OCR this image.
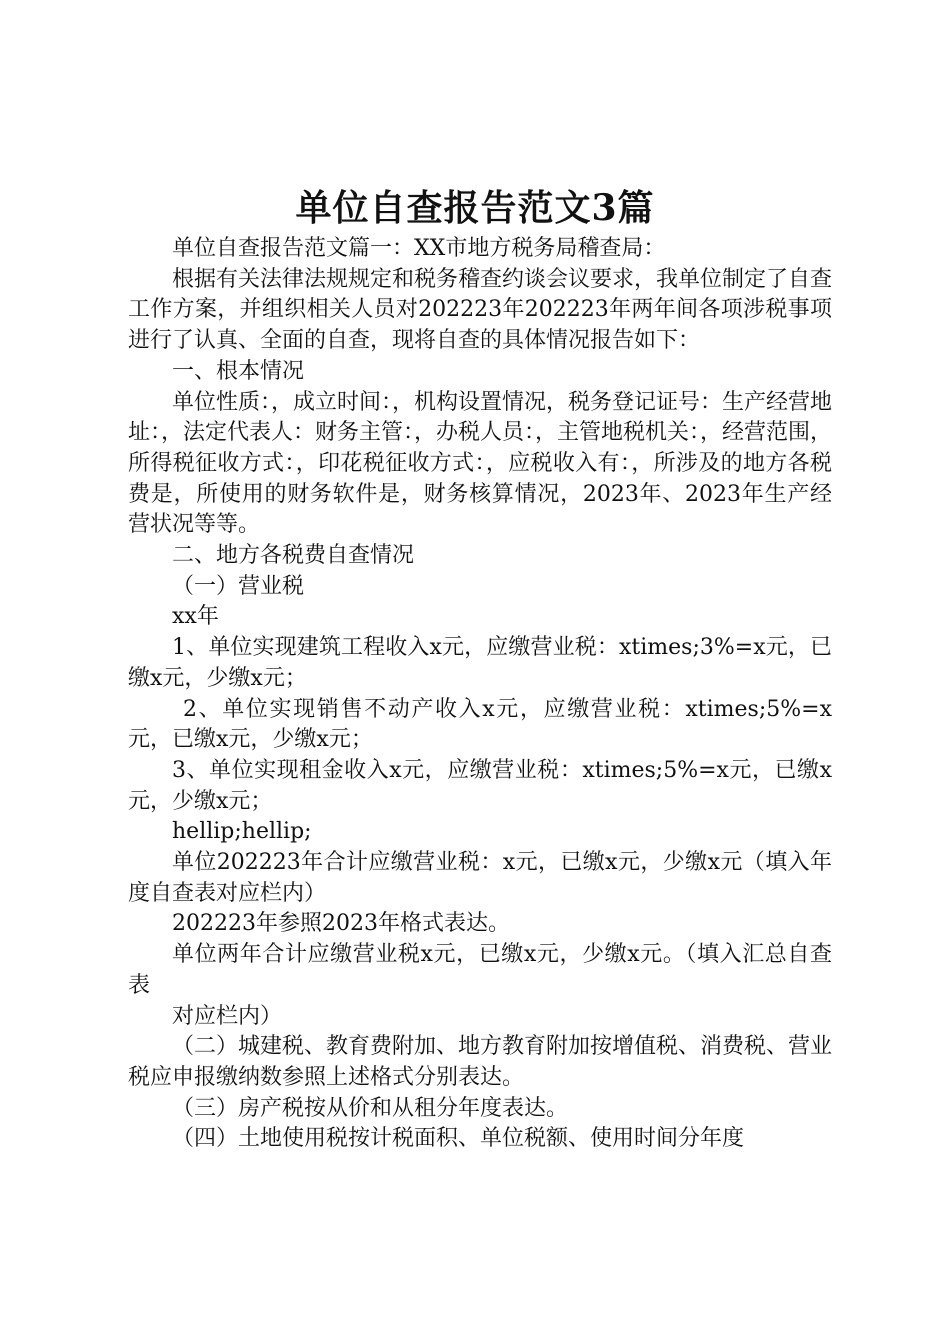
单位自查报告范文3篇

单位自查报告范文篇一：XX市地方税务局稽查局：

根据有关法律法规规定和税务稽查约谈会议要求，我单位制定了自查工作方案，并组织相关人员对202223年202223年两年间各项涉税事项进行了认真、全面的自查，现将自查的具体情况报告如下：

一、根本情况

单位性质：，成立时间：，机构设置情况，税务登记证号：生产经营地址：，法定代表人：财务主管：，办税人员：，主管地税机关：，经营范围，所得税征收方式：，印花税征收方式：，应税收入有：，所涉及的地方各税费是，所使用的财务软件是，财务核算情况，2023年、2023年生产经营状况等等。

二、地方各税费自查情况

（一）营业税

xx年

1、单位实现建筑工程收入x元，应缴营业税：xtimes;3%=x元，已缴x元，少缴x元；

2、单位实现销售不动产收入x元，应缴营业税：xtimes;5%=x元，已缴x元，少缴x元；

3、单位实现租金收入x元，应缴营业税：xtimes;5%=x元，已缴x元，少缴x元；

hellip;hellip;

单位202223年合计应缴营业税：x元，已缴x元，少缴x元（填入年度自查表对应栏内）

202223年参照2023年格式表达。

单位两年合计应缴营业税x元，已缴x元，少缴x元。（填入汇总自查表

对应栏内）

（二）城建税、教育费附加、地方教育附加按增值税、消费税、营业税应申报缴纳数参照上述格式分别表达。

（三）房产税按从价和从租分年度表达。

（四）土地使用税按计税面积、单位税额、使用时间分年度
